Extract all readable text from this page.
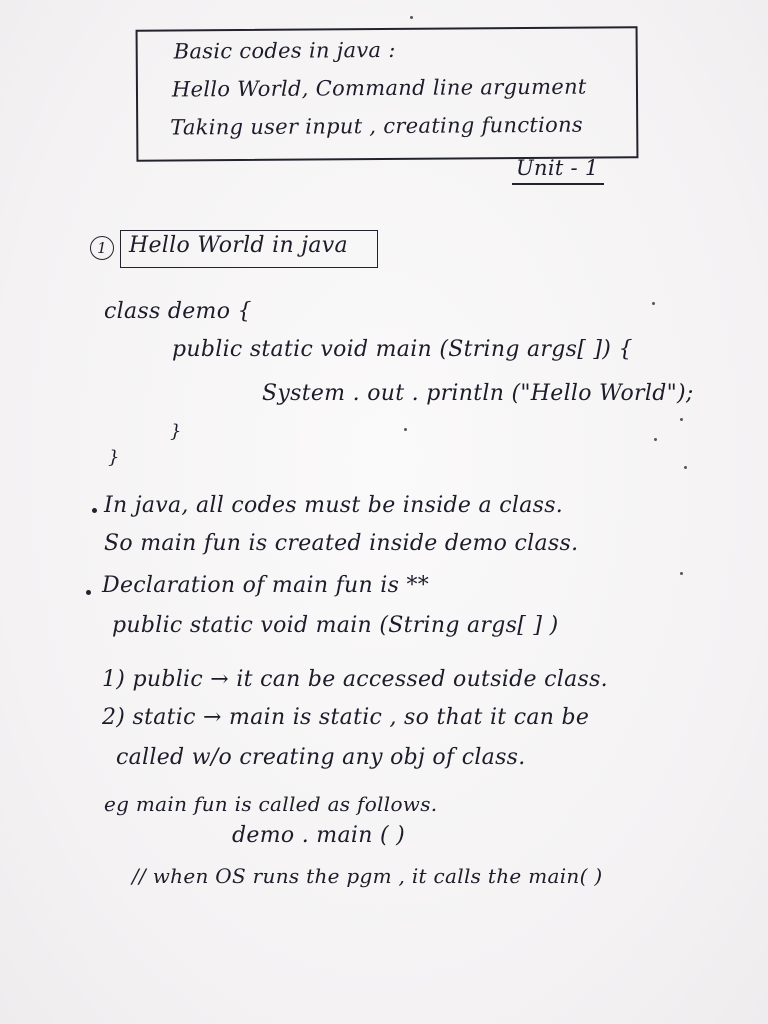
Basic codes in java :
Hello World, Command line argument
Taking user input , creating functions
Unit - 1
1	Hello World in java
class demo {
public static void main (String args[ ]) {
System . out . println ("Hello World");
}
}
In java, all codes must be inside a class.
So main fun is created inside demo class.
Declaration of main fun is **
public static void main (String args[ ] )
1) public → it can be accessed outside class.
2) static → main is static , so that it can be
called w/o creating any obj of class.
eg main fun is called as follows.
demo . main ( )
// when OS runs the pgm , it calls the main( )
